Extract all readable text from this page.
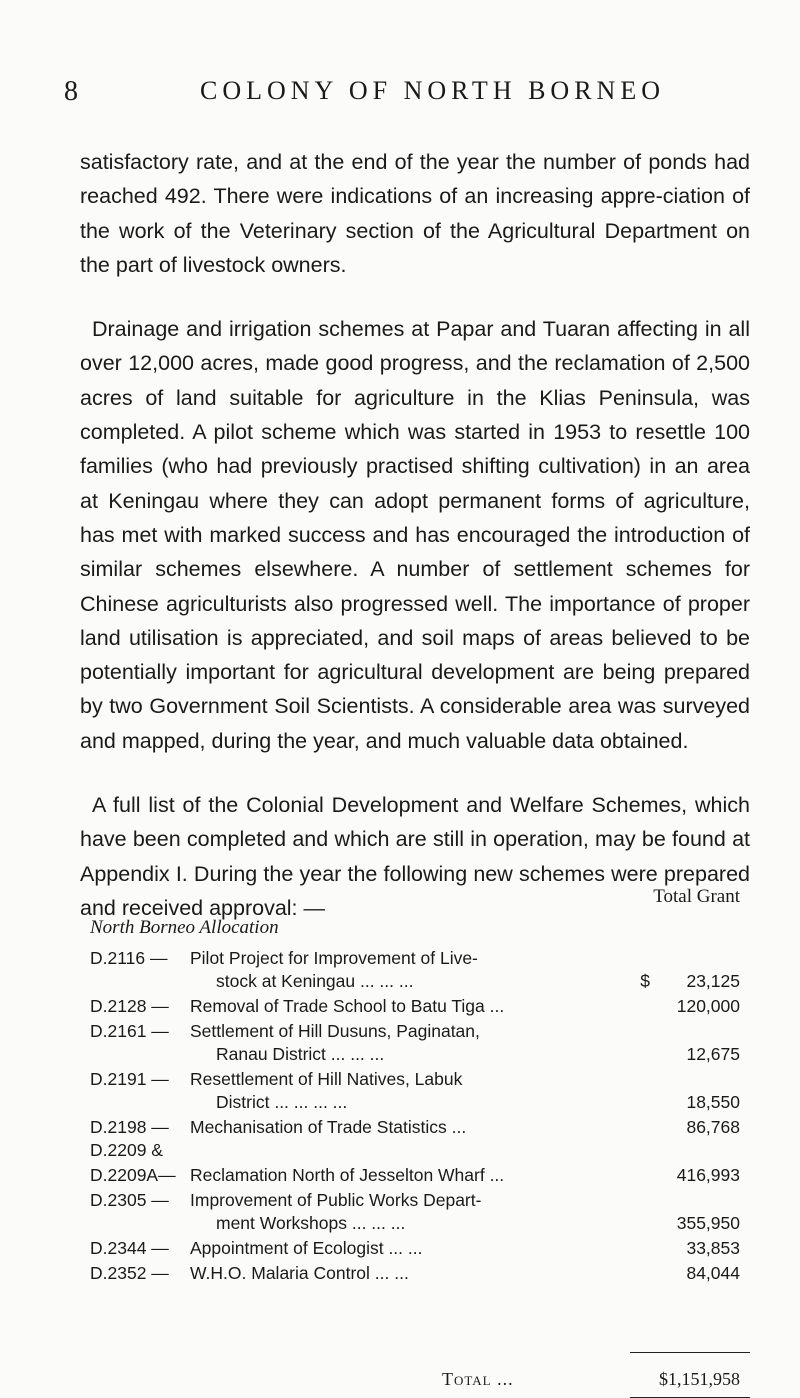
8	COLONY OF NORTH BORNEO

satisfactory rate, and at the end of the year the number of ponds had reached 492. There were indications of an increasing appre-ciation of the work of the Veterinary section of the Agricultural Department on the part of livestock owners.

Drainage and irrigation schemes at Papar and Tuaran affecting in all over 12,000 acres, made good progress, and the reclamation of 2,500 acres of land suitable for agriculture in the Klias Peninsula, was completed. A pilot scheme which was started in 1953 to resettle 100 families (who had previously practised shifting cultivation) in an area at Keningau where they can adopt permanent forms of agriculture, has met with marked success and has encouraged the introduction of similar schemes elsewhere. A number of settlement schemes for Chinese agriculturists also progressed well. The importance of proper land utilisation is appreciated, and soil maps of areas believed to be potentially important for agricultural development are being prepared by two Government Soil Scientists. A considerable area was surveyed and mapped, during the year, and much valuable data obtained.

A full list of the Colonial Development and Welfare Schemes, which have been completed and which are still in operation, may be found at Appendix I. During the year the following new schemes were prepared and received approval: —	Total Grant
North Borneo Allocation
D.2116 —	Pilot Project for Improvement of Live-
stock at Keningau ... ... ...	$ 23,125
D.2128 —	Removal of Trade School to Batu Tiga ...	120,000
D.2161 —	Settlement of Hill Dusuns, Paginatan,
Ranau District ... ... ...	12,675
D.2191 —	Resettlement of Hill Natives, Labuk
District ... ... ... ...	18,550
D.2198 —	Mechanisation of Trade Statistics ...	86,768
D.2209 &
D.2209A— Reclamation North of Jesselton Wharf ...	416,993
D.2305 —	Improvement of Public Works Depart-
ment Workshops ... ... ...	355,950
D.2344 —	Appointment of Ecologist ... ...	33,853
D.2352 —	W.H.O. Malaria Control ... ...	84,044
Total ...	$1,151,958
